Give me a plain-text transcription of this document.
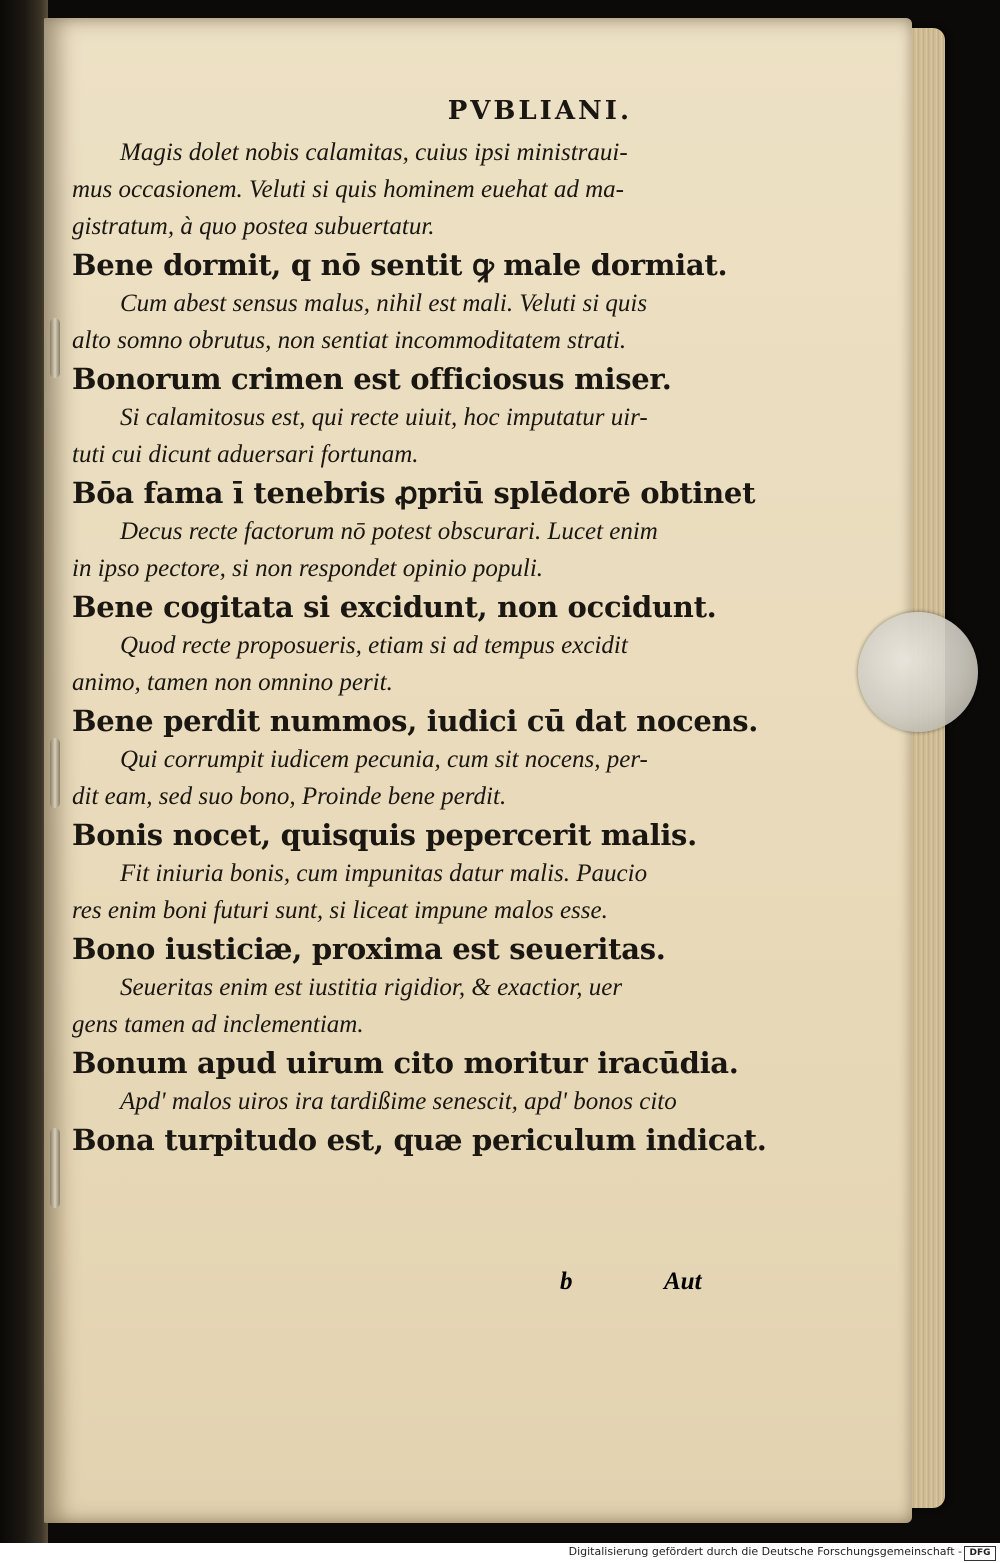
PVBLIANI.
Magis dolet nobis calamitas, cuius ipsi ministraui-
mus occasionem. Veluti si quis hominem euehat ad ma-
gistratum, à quo postea subuertatur.
Bene dormit, q nō sentit ꝙ male dormiat.
Cum abest sensus malus, nihil est mali. Veluti si quis
alto somno obrutus, non sentiat incommoditatem strati.
Bonorum crimen est officiosus miser.
Si calamitosus est, qui recte uiuit, hoc imputatur uir-
tuti cui dicunt aduersari fortunam.
Bōa fama ī tenebris ꝓpriū splēdorē obtinet
Decus recte factorum nō potest obscurari. Lucet enim
in ipso pectore, si non respondet opinio populi.
Bene cogitata si excidunt, non occidunt.
Quod recte proposueris, etiam si ad tempus excidit
animo, tamen non omnino perit.
Bene perdit nummos, iudici cū dat nocens.
Qui corrumpit iudicem pecunia, cum sit nocens, per-
dit eam, sed suo bono, Proinde bene perdit.
Bonis nocet, quisquis pepercerit malis.
Fit iniuria bonis, cum impunitas datur malis. Paucio
res enim boni futuri sunt, si liceat impune malos esse.
Bono iusticiæ, proxima est seueritas.
Seueritas enim est iustitia rigidior, & exactior, uer
gens tamen ad inclementiam.
Bonum apud uirum cito moritur iracūdia.
Apd' malos uiros ira tardißime senescit, apd' bonos cito
Bona turpitudo est, quæ periculum indicat.
b	Aut
Digitalisierung gefördert durch die Deutsche Forschungsgemeinschaft - DFG
